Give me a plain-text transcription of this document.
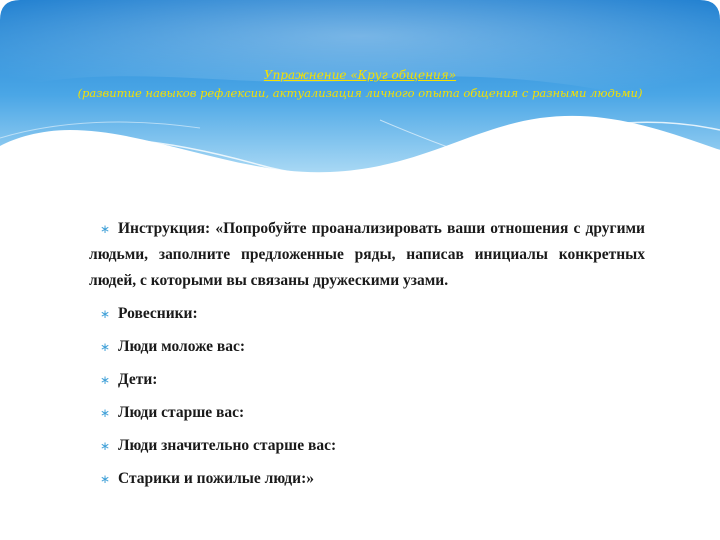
Упражнение «Круг общения»
(развитие навыков рефлексии, актуализация личного опыта общения с разными людьми)
∗ Инструкция: «Попробуйте проанализировать ваши отношения с другими людьми, заполните предложенные ряды, написав инициалы конкретных людей, с которыми вы связаны дружескими узами.
∗ Ровесники:
∗ Люди моложе вас:
∗ Дети:
∗ Люди старше вас:
∗ Люди значительно старше вас:
∗ Старики и пожилые люди:»
